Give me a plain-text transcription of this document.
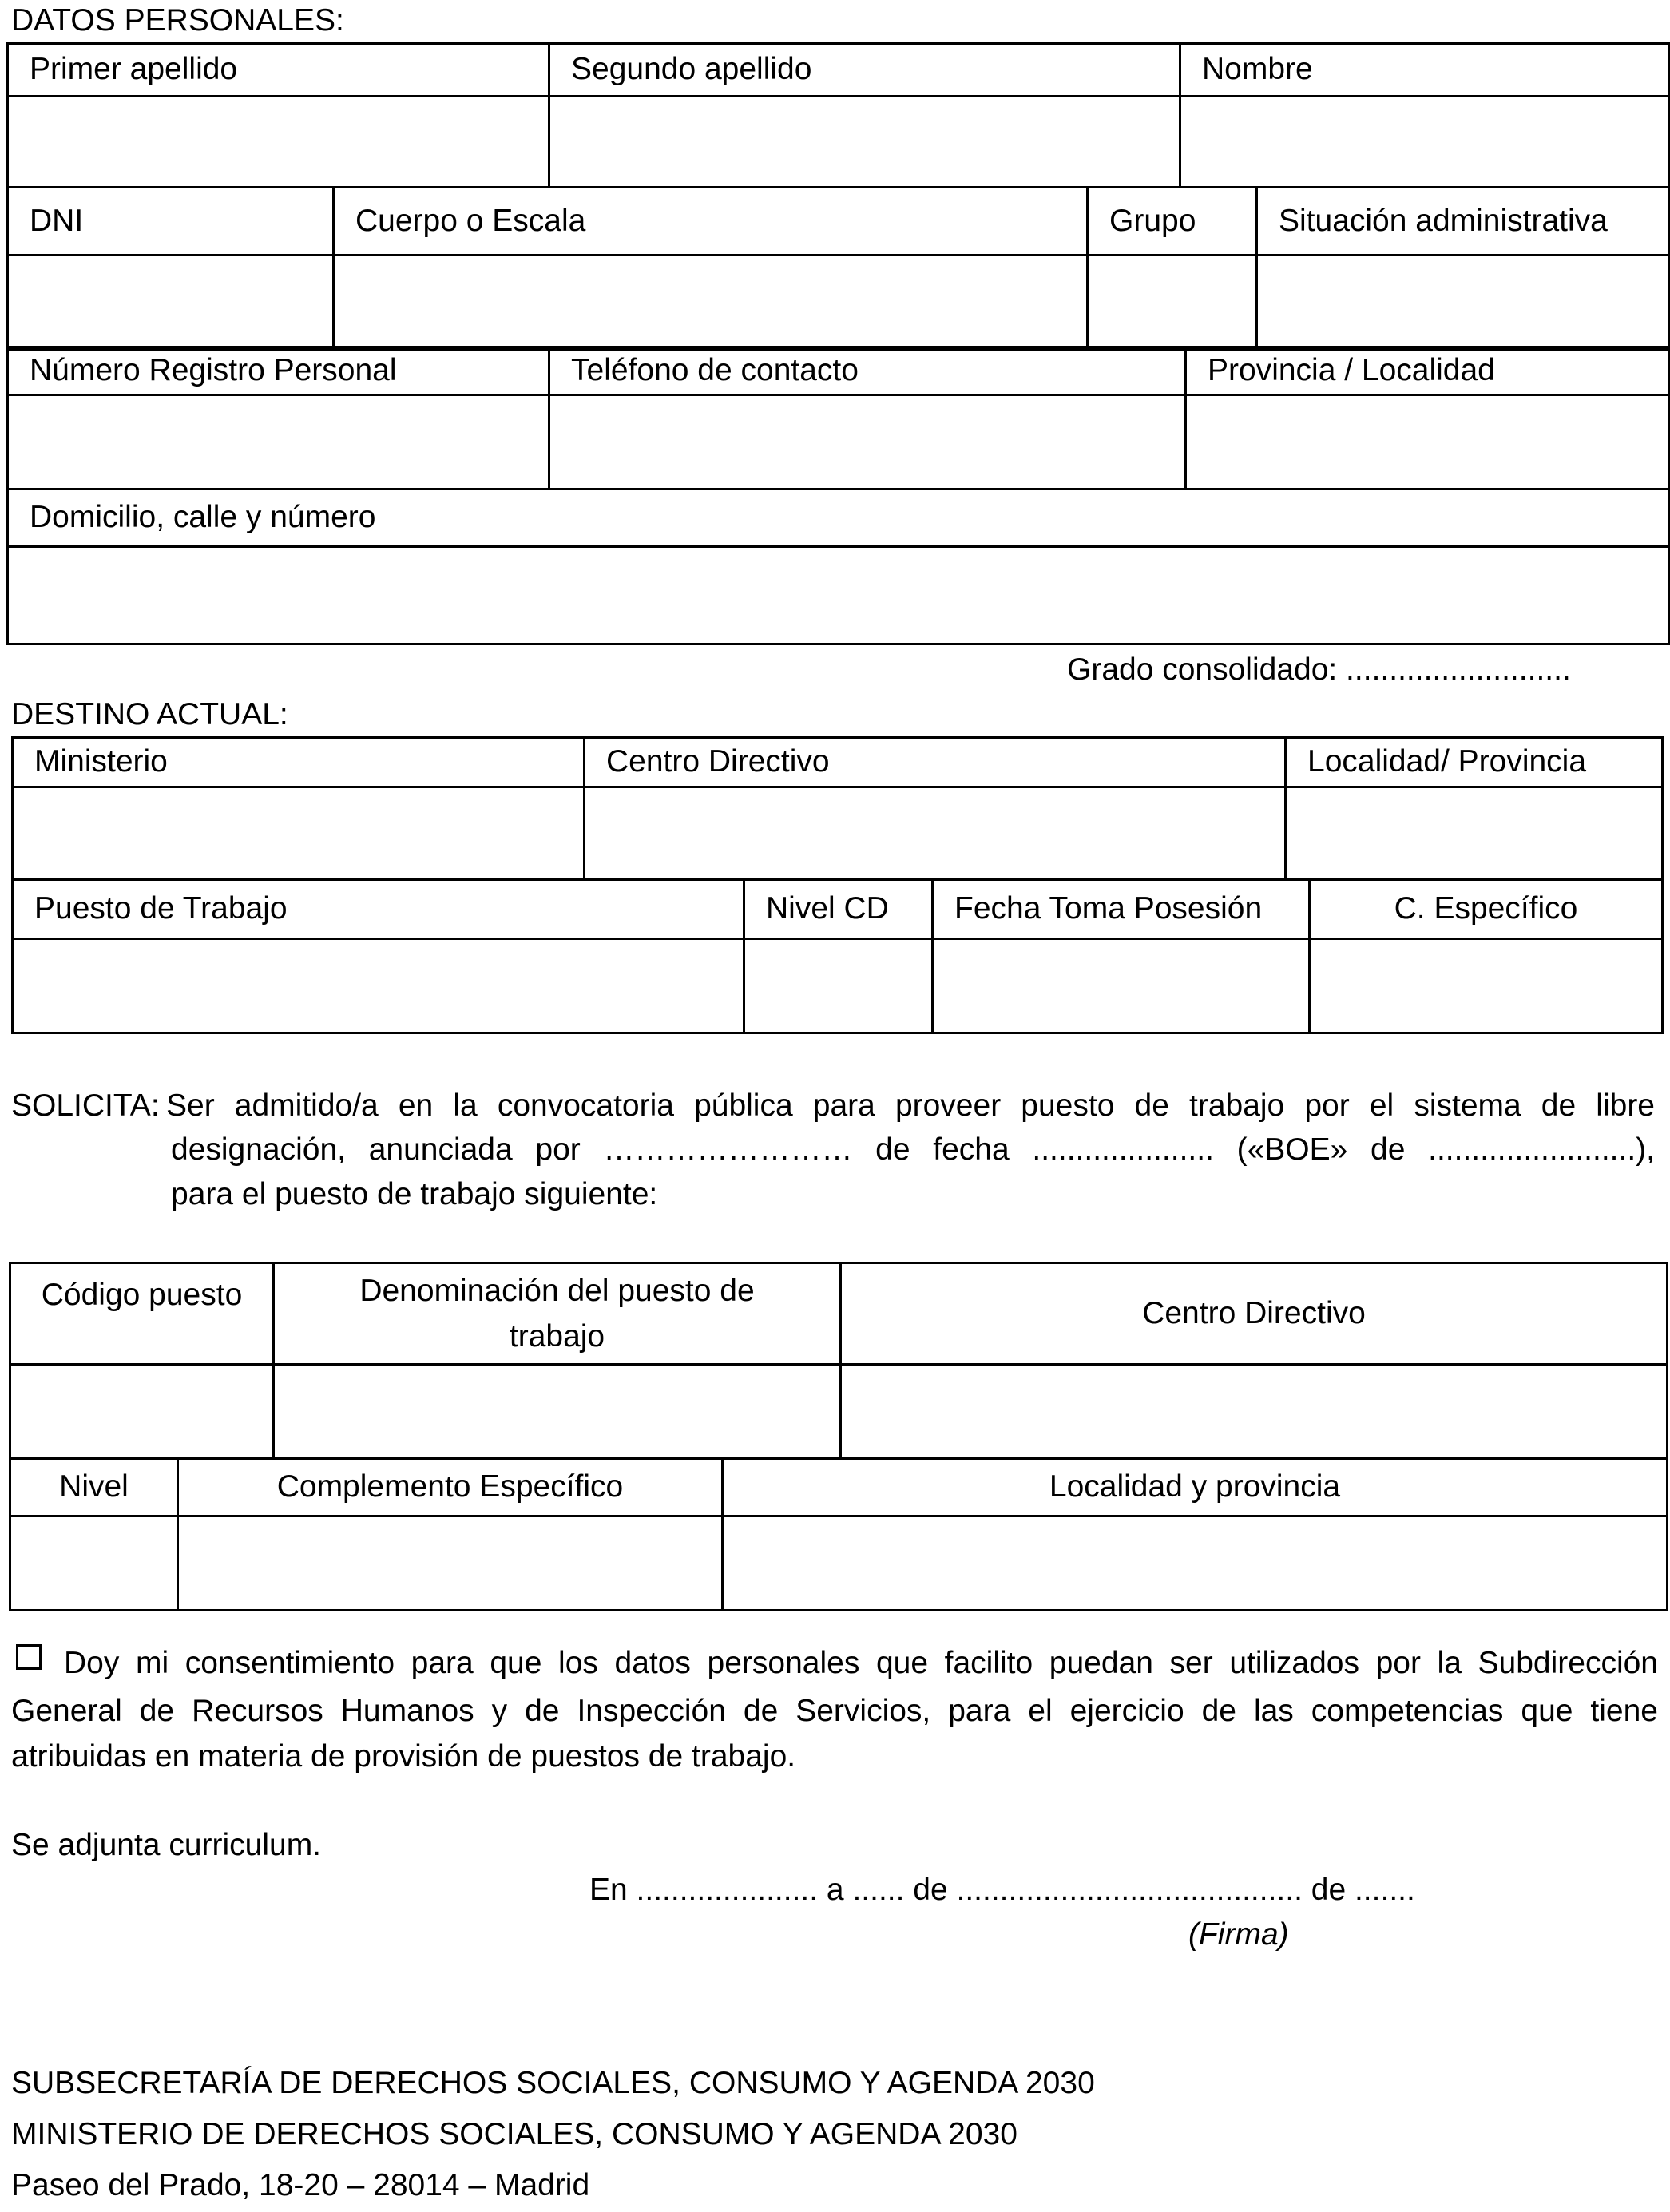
DATOS PERSONALES:
Primer apellido	Segundo apellido	Nombre

DNI	Cuerpo o Escala	Grupo	Situación administrativa

Número Registro Personal	Teléfono de contacto	Provincia / Localidad

Domicilio, calle y número		

Grado consolidado: ..........................
DESTINO ACTUAL:
Ministerio	Centro Directivo	Localidad/ Provincia

Puesto de Trabajo	Nivel CD	Fecha Toma Posesión	C. Específico

SOLICITA: Ser admitido/a en la convocatoria pública para proveer puesto de trabajo por el sistema de libre
designación, anunciada por …………………… de fecha ..................... («BOE» de ........................),
para el puesto de trabajo siguiente:
Código puesto	Denominación del puesto de trabajo	Centro Directivo

Nivel	Complemento Específico	Localidad y provincia

Doy mi consentimiento para que los datos personales que facilito puedan ser utilizados por la Subdirección
General de Recursos Humanos y de Inspección de Servicios, para el ejercicio de las competencias que tiene
atribuidas en materia de provisión de puestos de trabajo.
Se adjunta curriculum.
En ..................... a ...... de ........................................ de .......
(Firma)
SUBSECRETARÍA DE DERECHOS SOCIALES, CONSUMO Y AGENDA 2030
MINISTERIO DE DERECHOS SOCIALES, CONSUMO Y AGENDA 2030
Paseo del Prado, 18-20 – 28014 – Madrid
